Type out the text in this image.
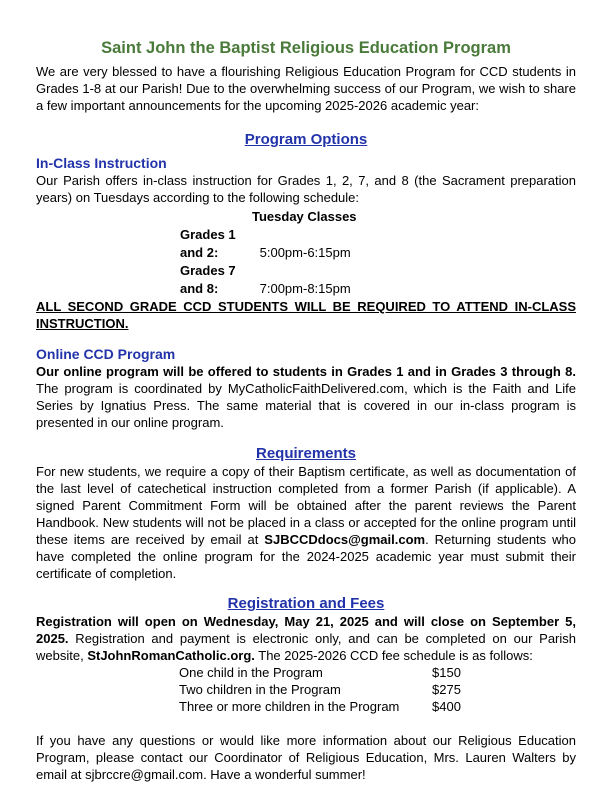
Saint John the Baptist Religious Education Program

We are very blessed to have a flourishing Religious Education Program for CCD students in Grades 1-8 at our Parish! Due to the overwhelming success of our Program, we wish to share a few important announcements for the upcoming 2025-2026 academic year:

Program Options
In-Class Instruction

Our Parish offers in-class instruction for Grades 1, 2, 7, and 8 (the Sacrament preparation years) on Tuesdays according to the following schedule:

Tuesday Classes
Grades 1 and 2:	5:00pm-6:15pm
Grades 7 and 8:	7:00pm-8:15pm

ALL SECOND GRADE CCD STUDENTS WILL BE REQUIRED TO ATTEND IN-CLASS INSTRUCTION.

Online CCD Program

Our online program will be offered to students in Grades 1 and in Grades 3 through 8. The program is coordinated by MyCatholicFaithDelivered.com, which is the Faith and Life Series by Ignatius Press. The same material that is covered in our in-class program is presented in our online program.

Requirements

For new students, we require a copy of their Baptism certificate, as well as documentation of the last level of catechetical instruction completed from a former Parish (if applicable). A signed Parent Commitment Form will be obtained after the parent reviews the Parent Handbook. New students will not be placed in a class or accepted for the online program until these items are received by email at SJBCCDdocs@gmail.com. Returning students who have completed the online program for the 2024-2025 academic year must submit their certificate of completion.

Registration and Fees

Registration will open on Wednesday, May 21, 2025 and will close on September 5, 2025. Registration and payment is electronic only, and can be completed on our Parish website, StJohnRomanCatholic.org. The 2025-2026 CCD fee schedule is as follows:

One child in the Program	$150
Two children in the Program	$275
Three or more children in the Program	$400

If you have any questions or would like more information about our Religious Education Program, please contact our Coordinator of Religious Education, Mrs. Lauren Walters by email at sjbrccre@gmail.com. Have a wonderful summer!
